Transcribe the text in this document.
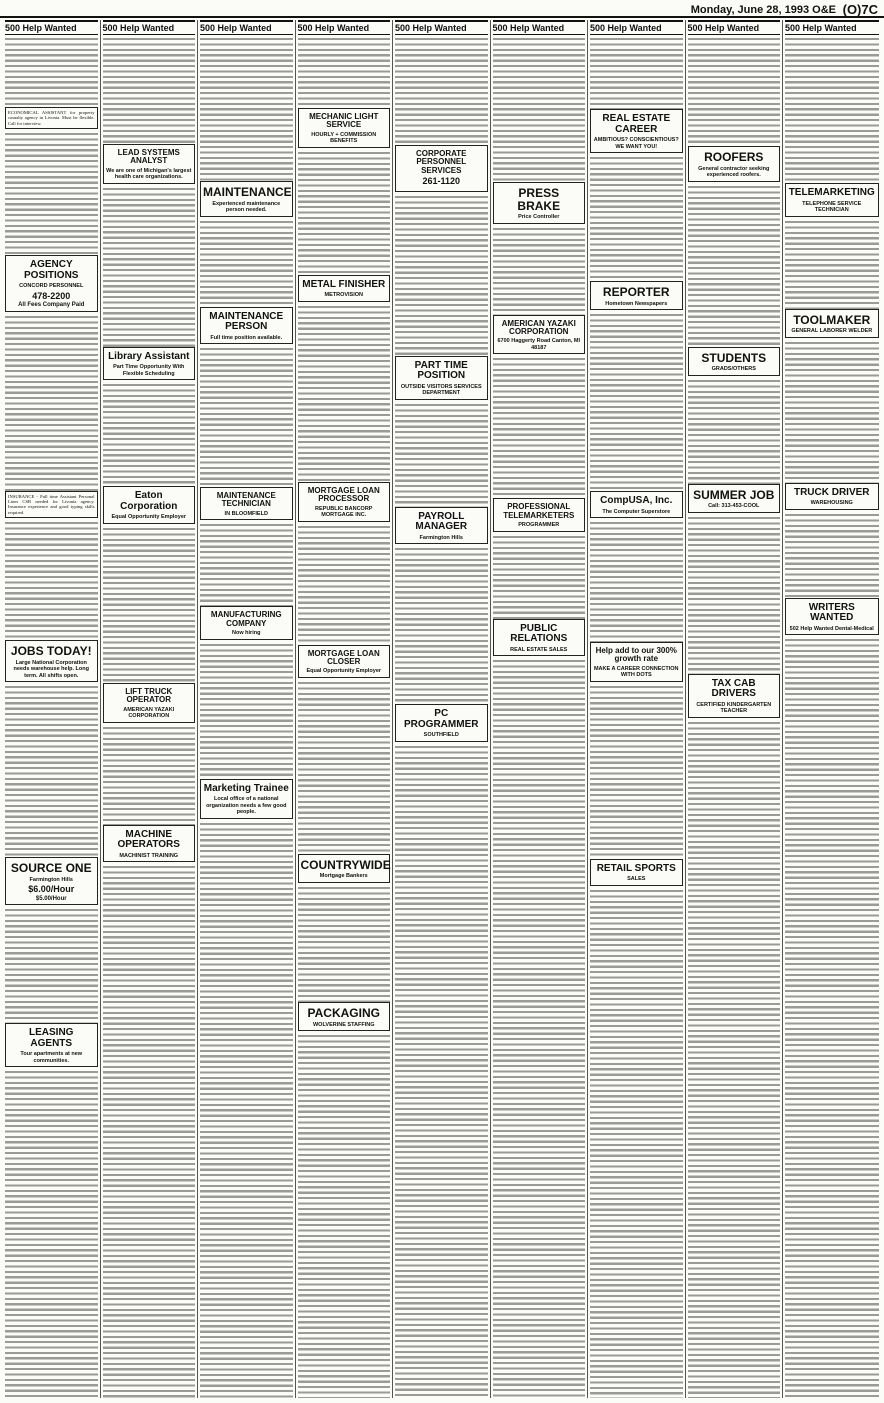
Monday, June 28, 1993 O&E (O)7C
500 Help Wanted
ECONOMICAL ASSISTANT for property casualty agency in Livonia. Must be flexible. Call for interview.
AGENCY POSITIONS
CONCORD PERSONNEL
478-2200
All Fees Company Paid
INSURANCE - Full time Assistant Personal Lines CSR needed for Livonia agency. Insurance experience and good typing skills required.
JOBS TODAY!
Large National Corporation needs warehouse help. Long term. All shifts open.
SOURCE ONE
Farmington Hills
$6.00/Hour
$5.00/Hour
LEASING AGENTS
Tour apartments at new communities.
500 Help Wanted
LEAD SYSTEMS ANALYST
We are one of Michigan's largest health care organizations.
Library Assistant
Part Time Opportunity With Flexible Scheduling
Eaton Corporation
Equal Opportunity Employer
LIFT TRUCK OPERATOR
AMERICAN YAZAKI CORPORATION
MACHINE OPERATORS
MACHINIST TRAINING
500 Help Wanted
MAINTENANCE
Experienced maintenance person needed.
MAINTENANCE PERSON
Full time position available.
MAINTENANCE TECHNICIAN
IN BLOOMFIELD
MANUFACTURING COMPANY
Now hiring
Marketing Trainee
Local office of a national organization needs a few good people.
500 Help Wanted
MECHANIC LIGHT SERVICE
HOURLY + COMMISSION BENEFITS
METAL FINISHER
METROVISION
MORTGAGE LOAN PROCESSOR
REPUBLIC BANCORP MORTGAGE INC.
MORTGAGE LOAN CLOSER
Equal Opportunity Employer
COUNTRYWIDE
Mortgage Bankers
PACKAGING
WOLVERINE STAFFING
500 Help Wanted
CORPORATE PERSONNEL SERVICES
261-1120
PART TIME POSITION
OUTSIDE VISITORS SERVICES DEPARTMENT
PAYROLL MANAGER
Farmington Hills
PC PROGRAMMER
SOUTHFIELD
500 Help Wanted
PRESS BRAKE
Price Controller
AMERICAN YAZAKI CORPORATION
6700 Haggerty Road Canton, MI 48187
PROFESSIONAL TELEMARKETERS
PROGRAMMER
PUBLIC RELATIONS
REAL ESTATE SALES
500 Help Wanted
REAL ESTATE CAREER
AMBITIOUS? CONSCIENTIOUS? WE WANT YOU!
REPORTER
Hometown Newspapers
CompUSA, Inc.
The Computer Superstore
Help add to our 300% growth rate
MAKE A CAREER CONNECTION WITH DOTS
RETAIL SPORTS
SALES
500 Help Wanted
ROOFERS
General contractor seeking experienced roofers.
STUDENTS
GRADS/OTHERS
SUMMER JOB
Call: 313-453-COOL
TAX CAB DRIVERS
CERTIFIED KINDERGARTEN TEACHER
500 Help Wanted
TELEMARKETING
TELEPHONE SERVICE TECHNICIAN
TOOLMAKER
GENERAL LABORER WELDER
TRUCK DRIVER
WAREHOUSING
WRITERS WANTED
502 Help Wanted Dental-Medical
